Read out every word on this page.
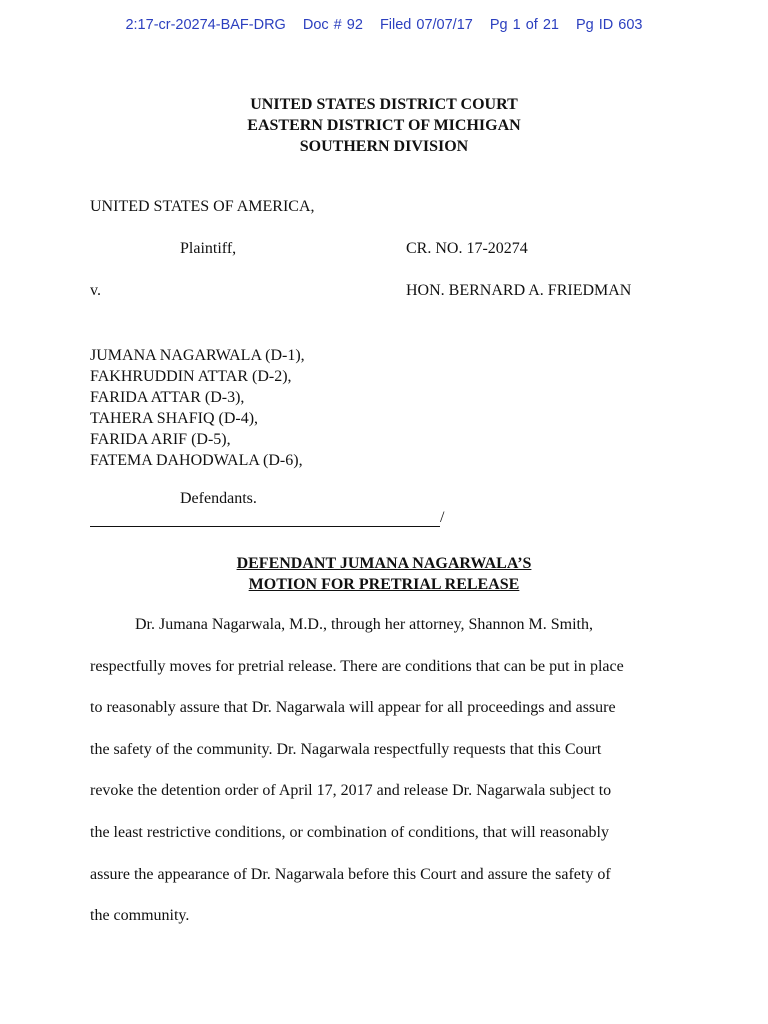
2:17-cr-20274-BAF-DRG Doc # 92 Filed 07/07/17 Pg 1 of 21 Pg ID 603
UNITED STATES DISTRICT COURT
EASTERN DISTRICT OF MICHIGAN
SOUTHERN DIVISION
UNITED STATES OF AMERICA,
Plaintiff,	CR. NO. 17-20274
v.	HON. BERNARD A. FRIEDMAN
JUMANA NAGARWALA (D-1),
FAKHRUDDIN ATTAR (D-2),
FARIDA ATTAR (D-3),
TAHERA SHAFIQ (D-4),
FARIDA ARIF (D-5),
FATEMA DAHODWALA (D-6),
Defendants.
/
DEFENDANT JUMANA NAGARWALA’S
MOTION FOR PRETRIAL RELEASE
Dr. Jumana Nagarwala, M.D., through her attorney, Shannon M. Smith,
respectfully moves for pretrial release. There are conditions that can be put in place
to reasonably assure that Dr. Nagarwala will appear for all proceedings and assure
the safety of the community. Dr. Nagarwala respectfully requests that this Court
revoke the detention order of April 17, 2017 and release Dr. Nagarwala subject to
the least restrictive conditions, or combination of conditions, that will reasonably
assure the appearance of Dr. Nagarwala before this Court and assure the safety of
the community.
